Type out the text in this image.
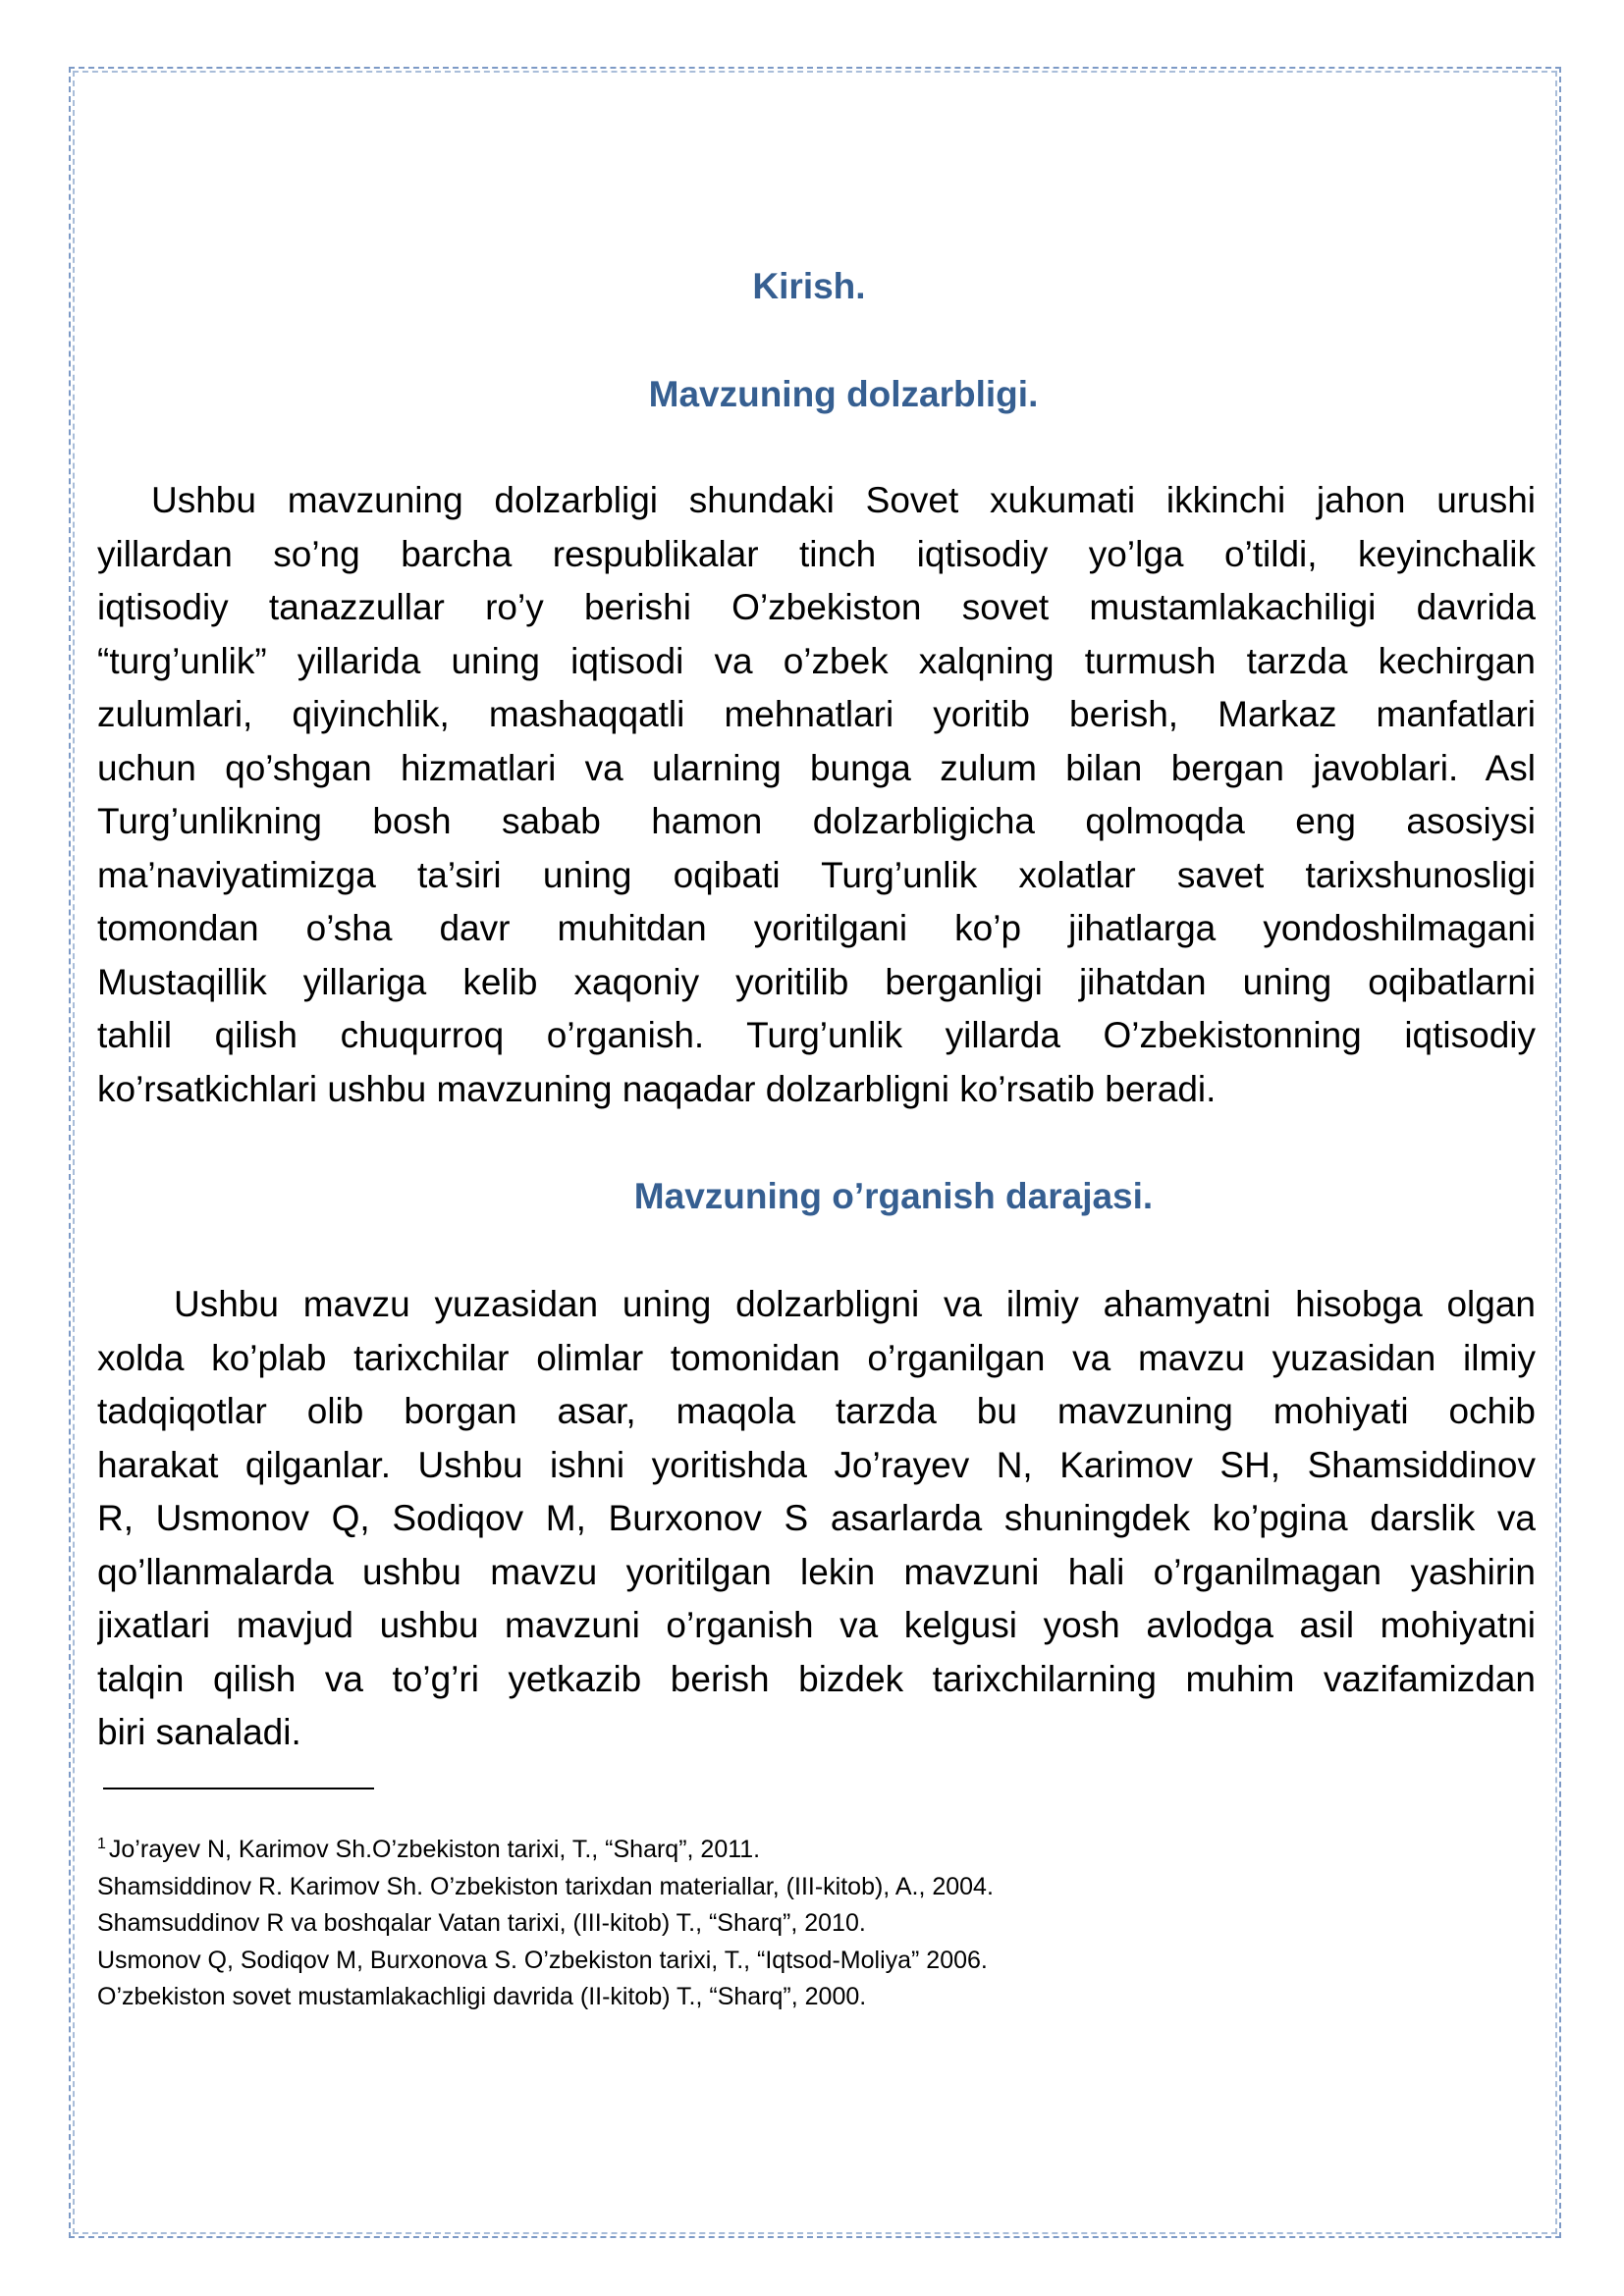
Kirish.
Mavzuning dolzarbligi.
Ushbu mavzuning dolzarbligi shundaki Sovet xukumati ikkinchi jahon urushi
yillardan so’ng barcha respublikalar tinch iqtisodiy yo’lga o’tildi, keyinchalik
iqtisodiy tanazzullar ro’y berishi O’zbekiston sovet mustamlakachiligi davrida
“turg’unlik” yillarida uning iqtisodi va o’zbek xalqning turmush tarzda kechirgan
zulumlari, qiyinchlik, mashaqqatli mehnatlari yoritib berish, Markaz manfatlari
uchun qo’shgan hizmatlari va ularning bunga zulum bilan bergan javoblari. Asl
Turg’unlikning bosh sabab hamon dolzarbligicha qolmoqda eng asosiysi
ma’naviyatimizga ta’siri uning oqibati Turg’unlik xolatlar savet tarixshunosligi
tomondan o’sha davr muhitdan yoritilgani ko’p jihatlarga yondoshilmagani
Mustaqillik yillariga kelib xaqoniy yoritilib berganligi jihatdan uning oqibatlarni
tahlil qilish chuqurroq o’rganish. Turg’unlik yillarda O’zbekistonning iqtisodiy
ko’rsatkichlari ushbu mavzuning naqadar dolzarbligni ko’rsatib beradi.
Mavzuning o’rganish darajasi.
Ushbu mavzu yuzasidan uning dolzarbligni va ilmiy ahamyatni hisobga olgan
xolda ko’plab tarixchilar olimlar tomonidan o’rganilgan va mavzu yuzasidan ilmiy
tadqiqotlar olib borgan asar, maqola tarzda bu mavzuning mohiyati ochib
harakat qilganlar. Ushbu ishni yoritishda Jo’rayev N, Karimov SH, Shamsiddinov
R, Usmonov Q, Sodiqov M, Burxonov S asarlarda shuningdek ko’pgina darslik va
qo’llanmalarda ushbu mavzu yoritilgan lekin mavzuni hali o’rganilmagan yashirin
jixatlari mavjud ushbu mavzuni o’rganish va kelgusi yosh avlodga asil mohiyatni
talqin qilish va to’g’ri yetkazib berish bizdek tarixchilarning muhim vazifamizdan
biri sanaladi.
$^1$ Jo’rayev N, Karimov Sh.O’zbekiston tarixi, T., “Sharq”, 2011.
Shamsiddinov R. Karimov Sh. O’zbekiston tarixdan materiallar, (III-kitob), A., 2004.
Shamsuddinov R va boshqalar Vatan tarixi, (III-kitob) T., “Sharq”, 2010.
Usmonov Q, Sodiqov M, Burxonova S. O’zbekiston tarixi, T., “Iqtsod-Moliya” 2006.
O’zbekiston sovet mustamlakachligi davrida (II-kitob) T., “Sharq”, 2000.
